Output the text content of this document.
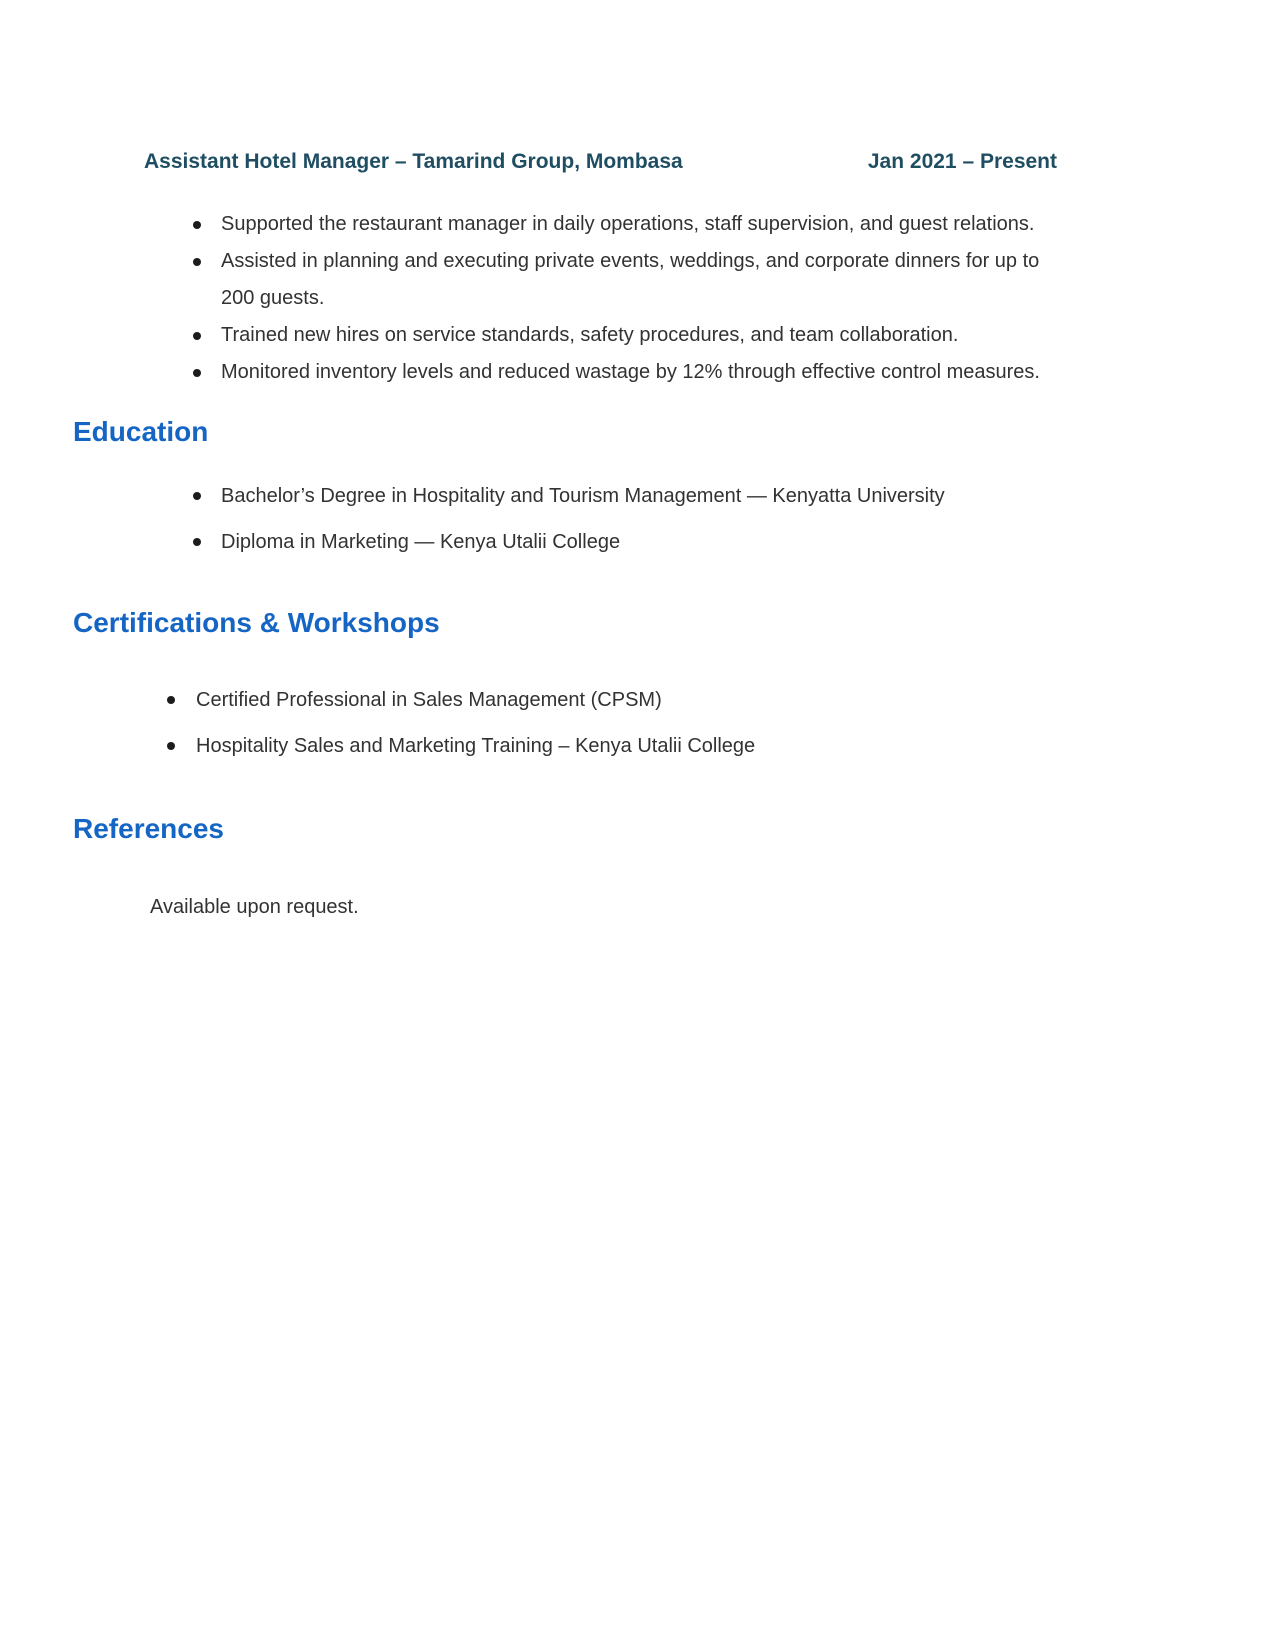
Assistant Hotel Manager – Tamarind Group, Mombasa	Jan 2021 – Present
Supported the restaurant manager in daily operations, staff supervision, and guest relations.
Assisted in planning and executing private events, weddings, and corporate dinners for up to 200 guests.
Trained new hires on service standards, safety procedures, and team collaboration.
Monitored inventory levels and reduced wastage by 12% through effective control measures.
Education
Bachelor’s Degree in Hospitality and Tourism Management — Kenyatta University
Diploma in Marketing — Kenya Utalii College
Certifications & Workshops
Certified Professional in Sales Management (CPSM)
Hospitality Sales and Marketing Training – Kenya Utalii College
References

Available upon request.
